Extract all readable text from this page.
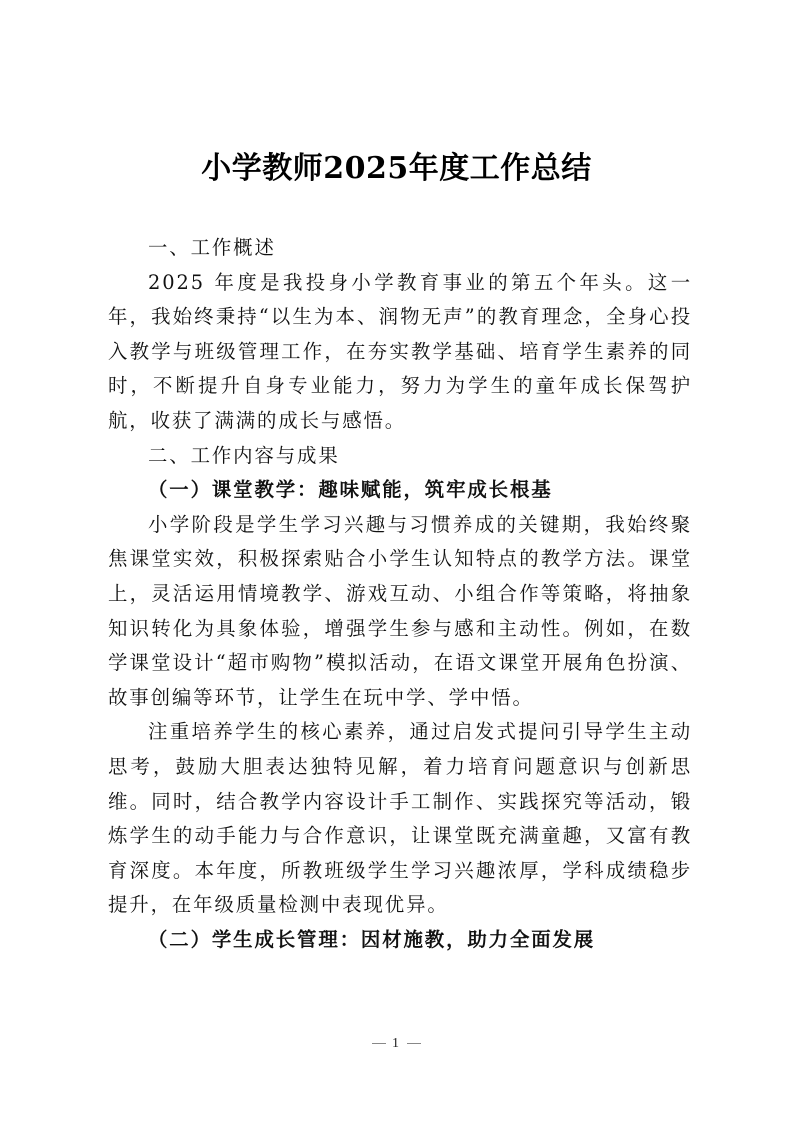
小学教师2025年度工作总结

一、工作概述

2025 年度是我投身小学教育事业的第五个年头。这一年，我始终秉持“以生为本、润物无声”的教育理念，全身心投入教学与班级管理工作，在夯实教学基础、培育学生素养的同时，不断提升自身专业能力，努力为学生的童年成长保驾护航，收获了满满的成长与感悟。

二、工作内容与成果

（一）课堂教学：趣味赋能，筑牢成长根基

小学阶段是学生学习兴趣与习惯养成的关键期，我始终聚焦课堂实效，积极探索贴合小学生认知特点的教学方法。课堂上，灵活运用情境教学、游戏互动、小组合作等策略，将抽象知识转化为具象体验，增强学生参与感和主动性。例如，在数学课堂设计“超市购物”模拟活动，在语文课堂开展角色扮演、故事创编等环节，让学生在玩中学、学中悟。

注重培养学生的核心素养，通过启发式提问引导学生主动思考，鼓励大胆表达独特见解，着力培育问题意识与创新思维。同时，结合教学内容设计手工制作、实践探究等活动，锻炼学生的动手能力与合作意识，让课堂既充满童趣，又富有教育深度。本年度，所教班级学生学习兴趣浓厚，学科成绩稳步提升，在年级质量检测中表现优异。

（二）学生成长管理：因材施教，助力全面发展

1
